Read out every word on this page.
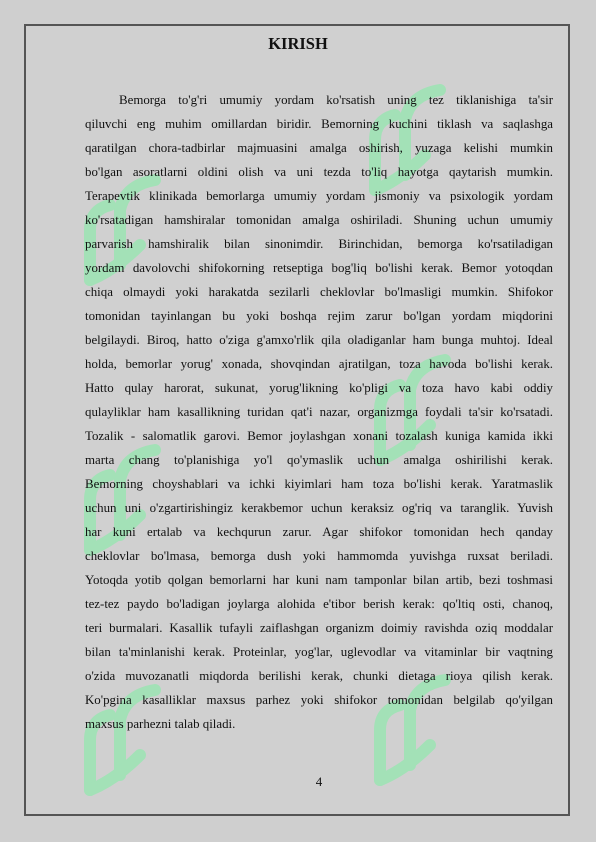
KIRISH
Bemorga to'g'ri umumiy yordam ko'rsatish uning tez tiklanishiga ta'sir
qiluvchi eng muhim omillardan biridir. Bemorning kuchini tiklash va saqlashga
qaratilgan chora-tadbirlar majmuasini amalga oshirish, yuzaga kelishi mumkin
bo'lgan asoratlarni oldini olish va uni tezda to'liq hayotga qaytarish mumkin.
Terapevtik klinikada bemorlarga umumiy yordam jismoniy va psixologik yordam
ko'rsatadigan hamshiralar tomonidan amalga oshiriladi. Shuning uchun umumiy
parvarish hamshiralik bilan sinonimdir. Birinchidan, bemorga ko'rsatiladigan
yordam davolovchi shifokorning retseptiga bog'liq bo'lishi kerak. Bemor yotoqdan
chiqa olmaydi yoki harakatda sezilarli cheklovlar bo'lmasligi mumkin. Shifokor
tomonidan tayinlangan bu yoki boshqa rejim zarur bo'lgan yordam miqdorini
belgilaydi. Biroq, hatto o'ziga g'amxo'rlik qila oladiganlar ham bunga muhtoj. Ideal
holda, bemorlar yorug' xonada, shovqindan ajratilgan, toza havoda bo'lishi kerak.
Hatto qulay harorat, sukunat, yorug'likning ko'pligi va toza havo kabi oddiy
qulayliklar ham kasallikning turidan qat'i nazar, organizmga foydali ta'sir ko'rsatadi.
Tozalik - salomatlik garovi. Bemor joylashgan xonani tozalash kuniga kamida ikki
marta chang to'planishiga yo'l qo'ymaslik uchun amalga oshirilishi kerak.
Bemorning choyshablari va ichki kiyimlari ham toza bo'lishi kerak. Yaratmaslik
uchun uni o'zgartirishingiz kerakbemor uchun keraksiz og'riq va taranglik. Yuvish
har kuni ertalab va kechqurun zarur. Agar shifokor tomonidan hech qanday
cheklovlar bo'lmasa, bemorga dush yoki hammomda yuvishga ruxsat beriladi.
Yotoqda yotib qolgan bemorlarni har kuni nam tamponlar bilan artib, bezi toshmasi
tez-tez paydo bo'ladigan joylarga alohida e'tibor berish kerak: qo'ltiq osti, chanoq,
teri burmalari. Kasallik tufayli zaiflashgan organizm doimiy ravishda oziq moddalar
bilan ta'minlanishi kerak. Proteinlar, yog'lar, uglevodlar va vitaminlar bir vaqtning
o'zida muvozanatli miqdorda berilishi kerak, chunki dietaga rioya qilish kerak.
Ko'pgina kasalliklar maxsus parhez yoki shifokor tomonidan belgilab qo'yilgan
maxsus parhezni talab qiladi.
4
